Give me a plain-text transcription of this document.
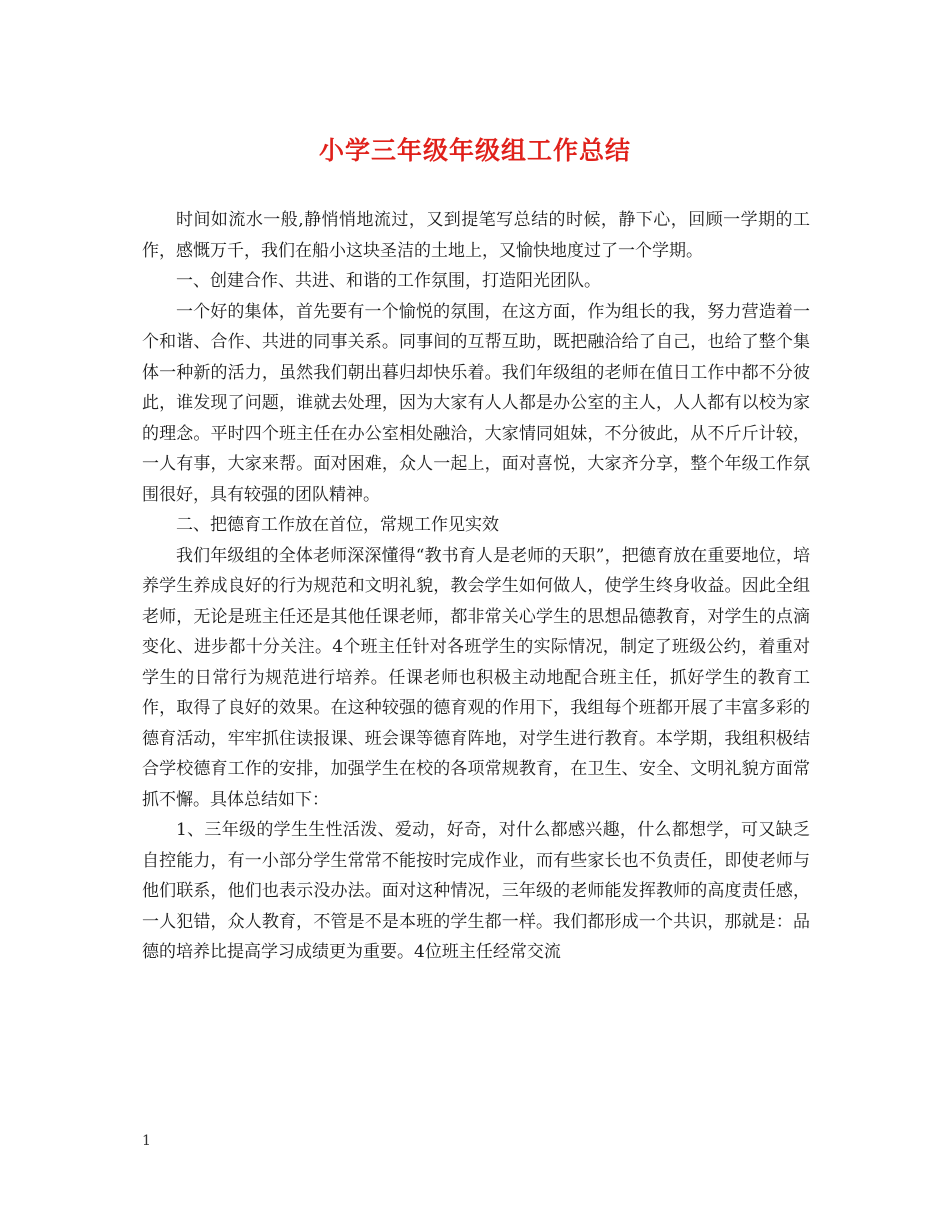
小学三年级年级组工作总结

时间如流水一般,静悄悄地流过，又到提笔写总结的时候，静下心，回顾一学期的工作，感慨万千，我们在船小这块圣洁的土地上，又愉快地度过了一个学期。

一、创建合作、共进、和谐的工作氛围，打造阳光团队。

一个好的集体，首先要有一个愉悦的氛围，在这方面，作为组长的我，努力营造着一个和谐、合作、共进的同事关系。同事间的互帮互助，既把融洽给了自己，也给了整个集体一种新的活力，虽然我们朝出暮归却快乐着。我们年级组的老师在值日工作中都不分彼此，谁发现了问题，谁就去处理，因为大家有人人都是办公室的主人，人人都有以校为家的理念。平时四个班主任在办公室相处融洽，大家情同姐妹，不分彼此，从不斤斤计较，一人有事，大家来帮。面对困难，众人一起上，面对喜悦，大家齐分享，整个年级工作氛围很好，具有较强的团队精神。

二、把德育工作放在首位，常规工作见实效

我们年级组的全体老师深深懂得“教书育人是老师的天职”，把德育放在重要地位，培养学生养成良好的行为规范和文明礼貌，教会学生如何做人，使学生终身收益。因此全组老师，无论是班主任还是其他任课老师，都非常关心学生的思想品德教育，对学生的点滴变化、进步都十分关注。4个班主任针对各班学生的实际情况，制定了班级公约，着重对学生的日常行为规范进行培养。任课老师也积极主动地配合班主任，抓好学生的教育工作，取得了良好的效果。在这种较强的德育观的作用下，我组每个班都开展了丰富多彩的德育活动，牢牢抓住读报课、班会课等德育阵地，对学生进行教育。本学期，我组积极结合学校德育工作的安排，加强学生在校的各项常规教育，在卫生、安全、文明礼貌方面常抓不懈。具体总结如下：

1、三年级的学生生性活泼、爱动，好奇，对什么都感兴趣，什么都想学，可又缺乏自控能力，有一小部分学生常常不能按时完成作业，而有些家长也不负责任，即使老师与他们联系，他们也表示没办法。面对这种情况，三年级的老师能发挥教师的高度责任感，一人犯错，众人教育，不管是不是本班的学生都一样。我们都形成一个共识，那就是：品德的培养比提高学习成绩更为重要。4位班主任经常交流

1
